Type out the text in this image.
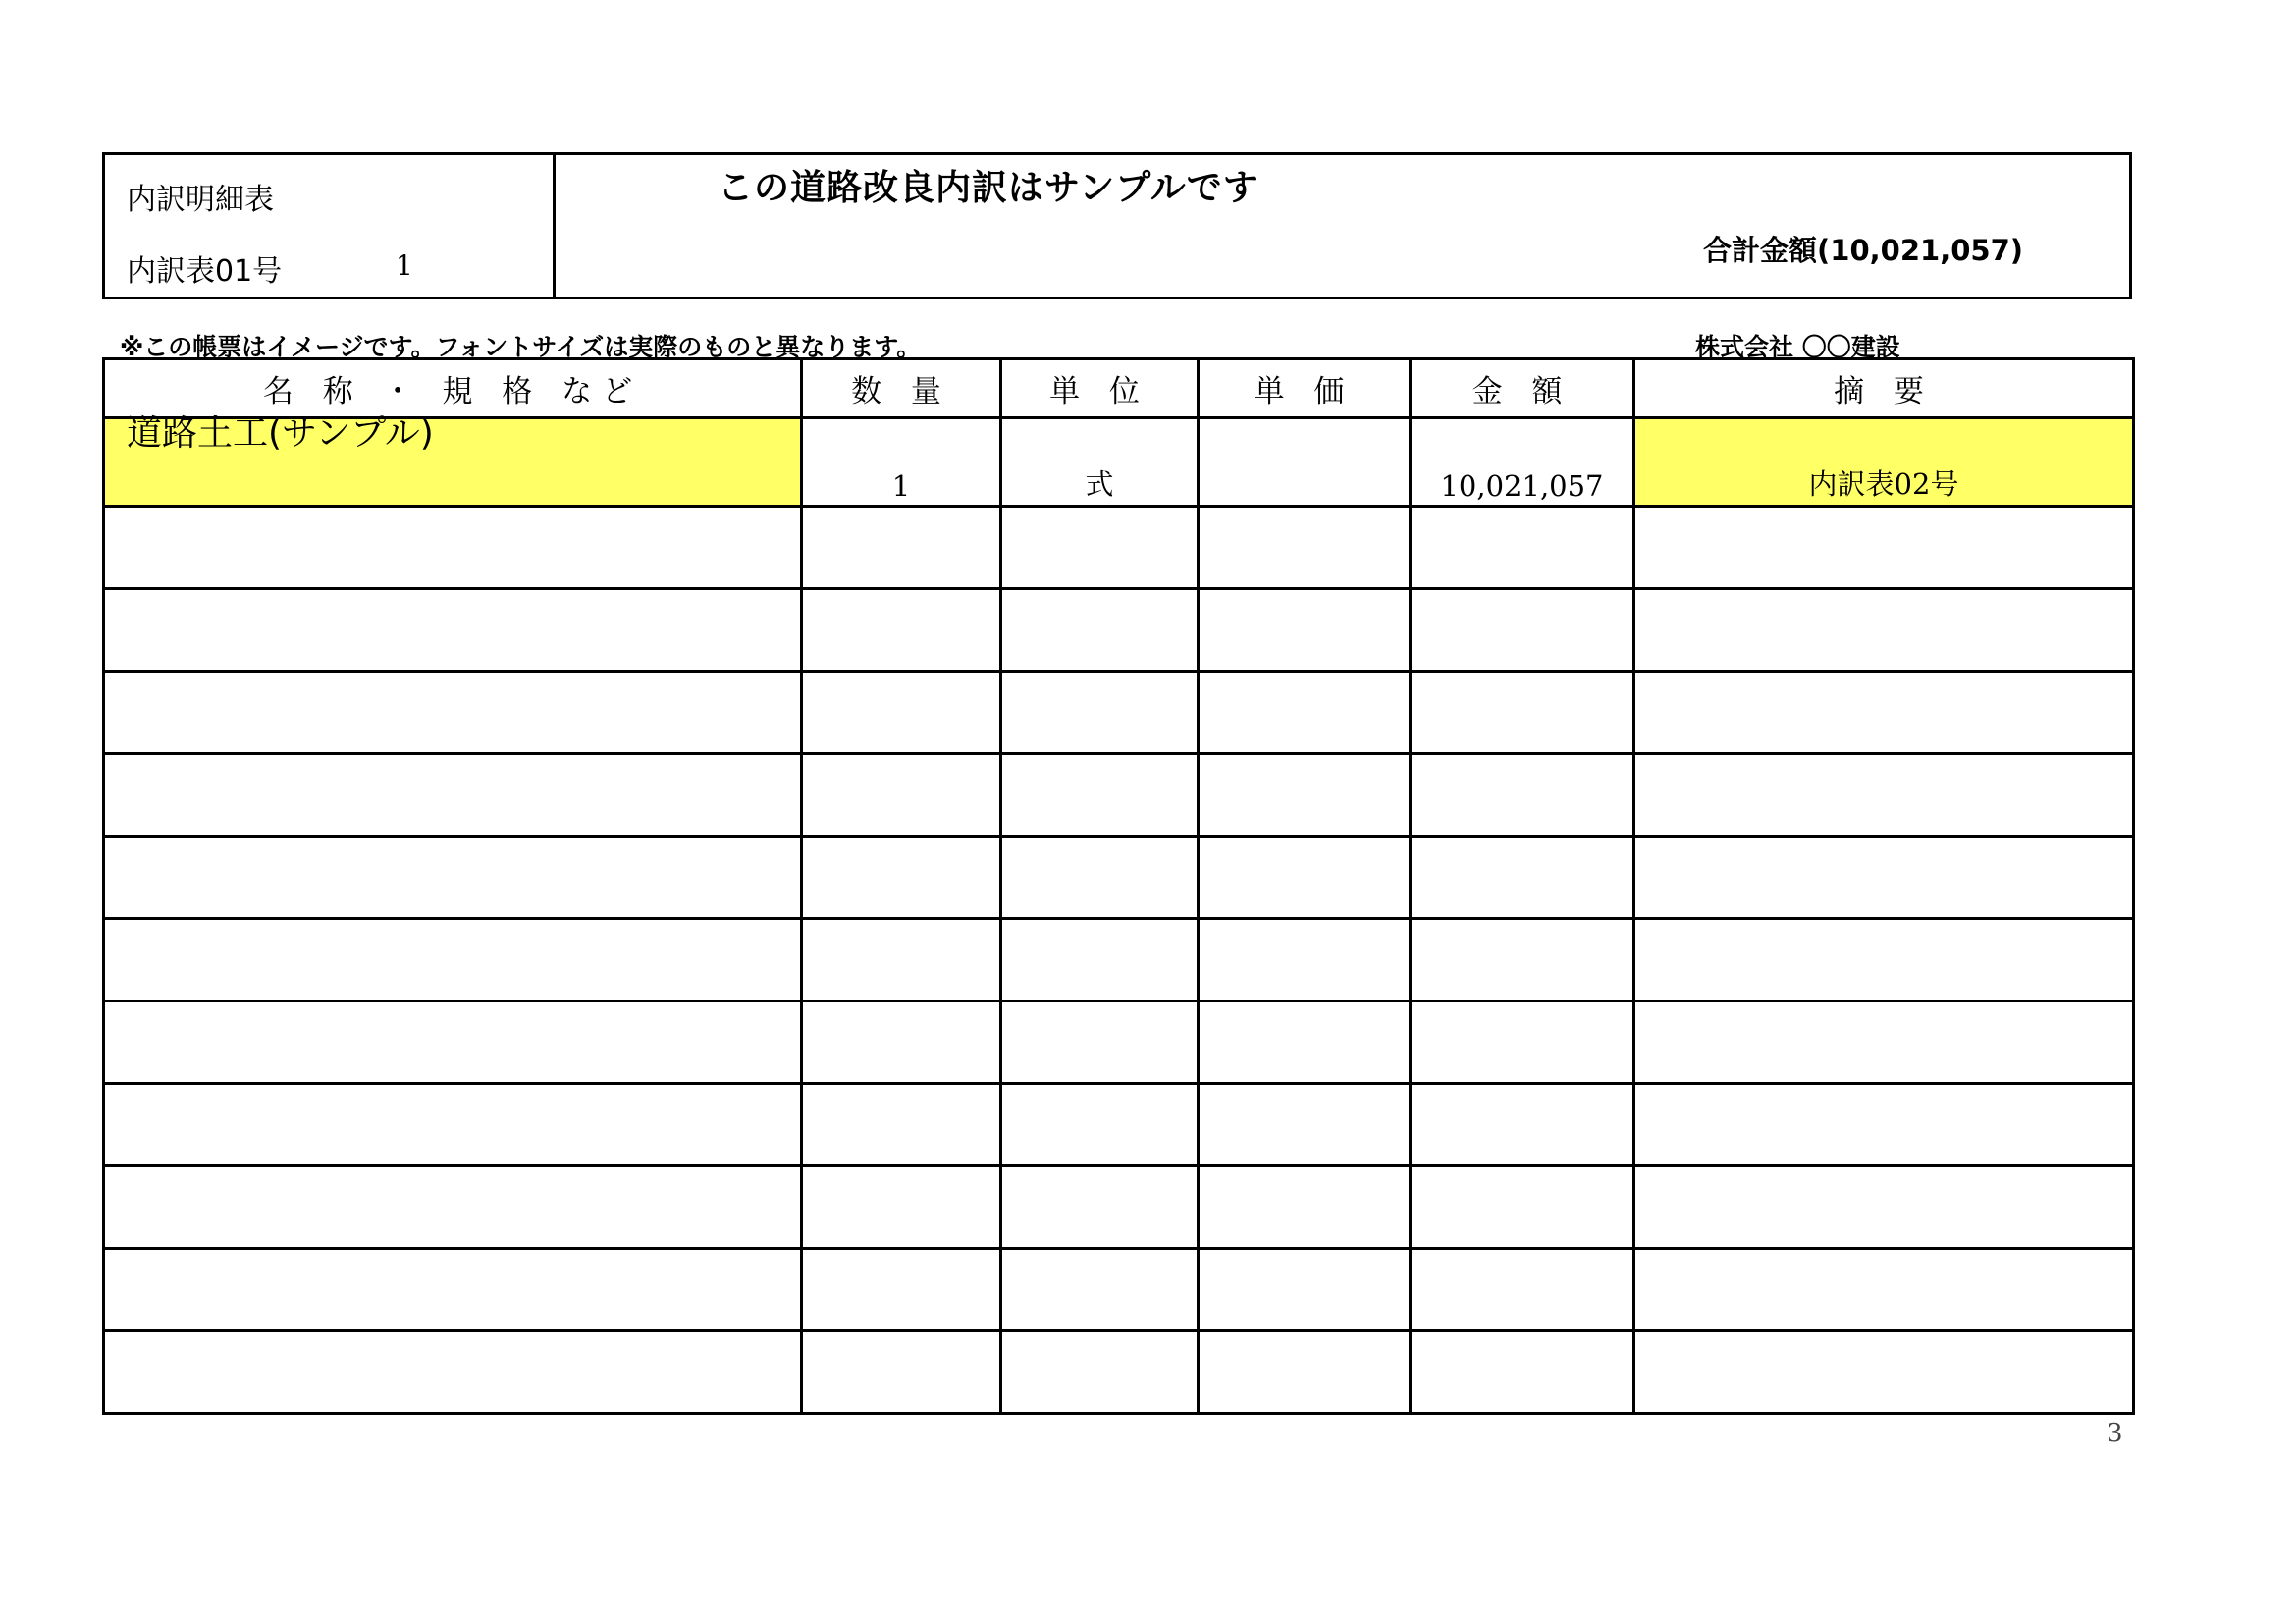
内訳明細表
内訳表01号	1
この道路改良内訳はサンプルです
合計金額(10,021,057)
※この帳票はイメージです。フォントサイズは実際のものと異なります。	株式会社 〇〇建設
名 称 ・ 規 格 など	数 量	単 位	単 価	金 額	摘 要

道路土工(サンプル)	1	式		10,021,057	内訳表02号

3
